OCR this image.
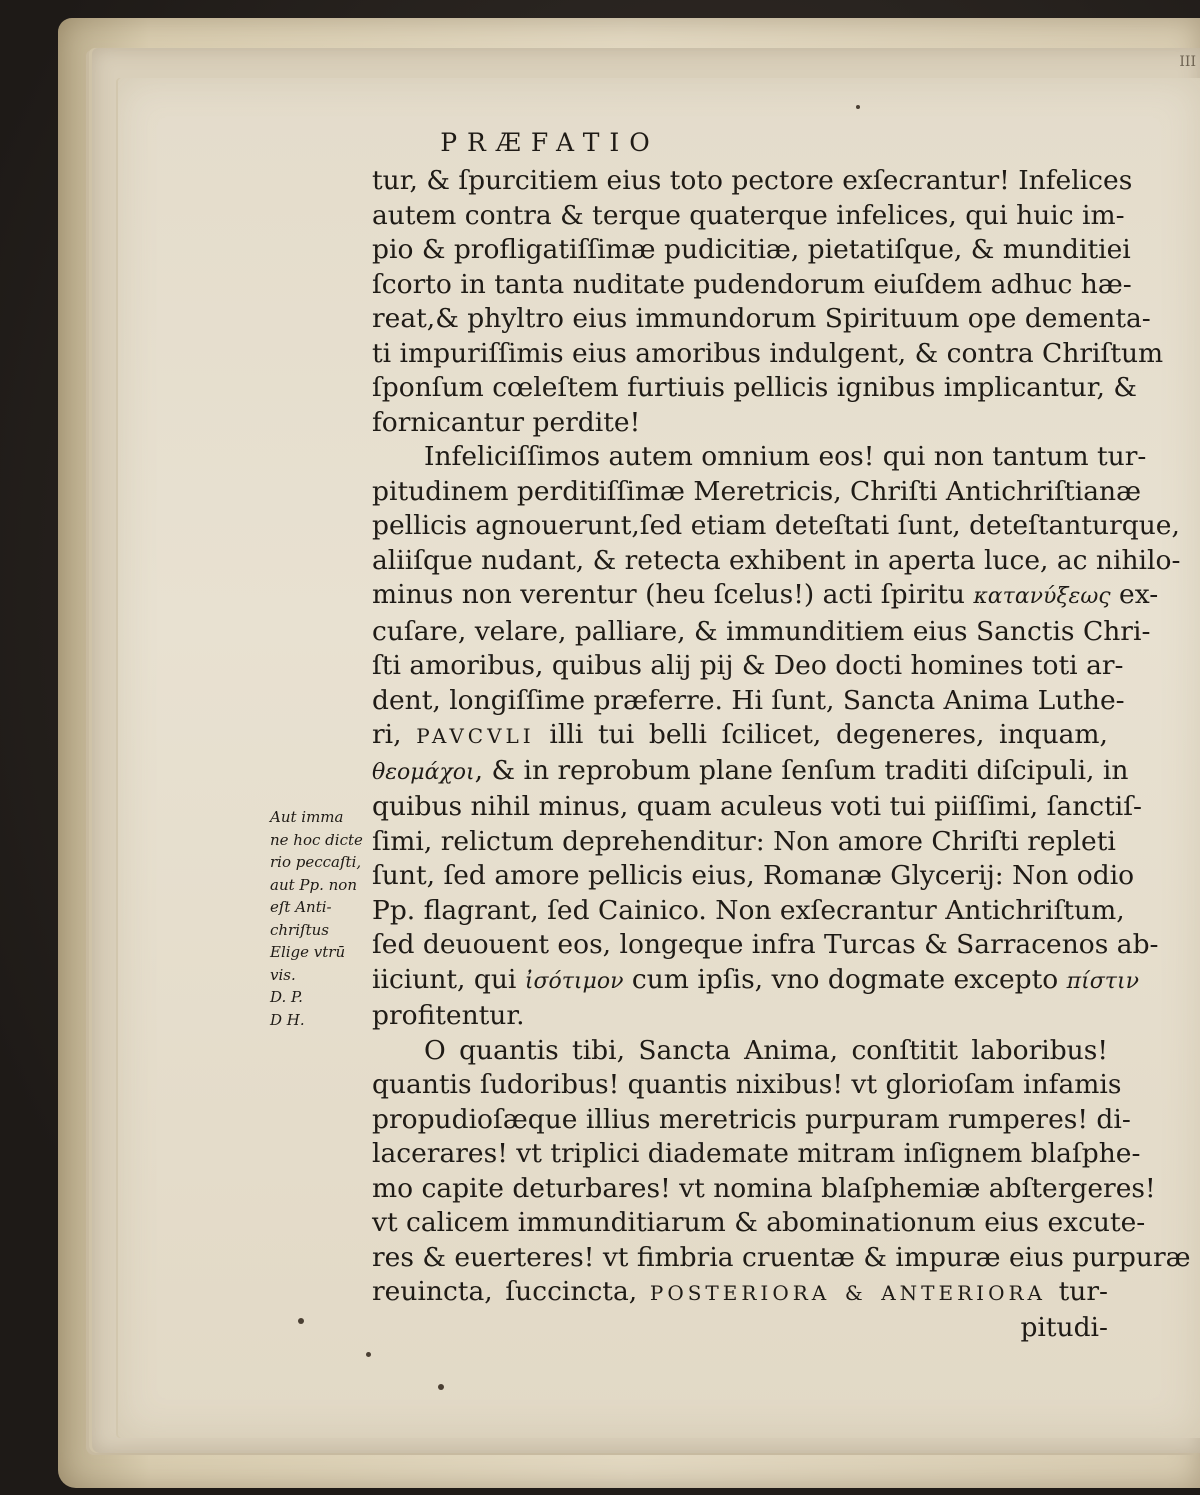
III
PRÆFATIO
tur, & ſpurcitiem eius toto pectore exſecrantur! Infelices
autem contra & terque quaterque infelices, qui huic im-
pio & profligatiſſimæ pudicitiæ, pietatiſque, & munditiei
ſcorto in tanta nuditate pudendorum eiuſdem adhuc hæ-
reat,& phyltro eius immundorum Spirituum ope dementa-
ti impuriſſimis eius amoribus indulgent, & contra Chriſtum
ſponſum cœleſtem furtiuis pellicis ignibus implicantur, &
fornicantur perdite!
Infeliciſſimos autem omnium eos! qui non tantum tur-
pitudinem perditiſſimæ Meretricis, Chriſti Antichriſtianæ
pellicis agnouerunt,ſed etiam deteſtati ſunt, deteſtanturque,
aliiſque nudant, & retecta exhibent in aperta luce, ac nihilo-
minus non verentur (heu ſcelus!) acti ſpiritu κατανύξεως ex-
cuſare, velare, palliare, & immunditiem eius Sanctis Chri-
ſti amoribus, quibus alij pij & Deo docti homines toti ar-
dent, longiſſime præferre. Hi ſunt, Sancta Anima Luthe-
ri, PAVCVLI illi tui belli ſcilicet, degeneres, inquam,
θεομάχοι, & in reprobum plane ſenſum traditi diſcipuli, in
quibus nihil minus, quam aculeus voti tui piiſſimi, ſanctiſ-
ſimi, relictum deprehenditur: Non amore Chriſti repleti
ſunt, ſed amore pellicis eius, Romanæ Glycerij: Non odio
Pp. flagrant, ſed Cainico. Non exſecrantur Antichriſtum,
ſed deuouent eos, longeque infra Turcas & Sarracenos ab-
iiciunt, qui ἰσότιμον cum ipſis, vno dogmate excepto πίστιν
profitentur.
O quantis tibi, Sancta Anima, conſtitit laboribus!
quantis ſudoribus! quantis nixibus! vt glorioſam infamis
propudioſæque illius meretricis purpuram rumperes! di-
lacerares! vt triplici diademate mitram inſignem blaſphe-
mo capite deturbares! vt nomina blaſphemiæ abſtergeres!
vt calicem immunditiarum & abominationum eius excute-
res & euerteres! vt fimbria cruentæ & impuræ eius purpuræ
reuincta, ſuccincta, POSTERIORA & ANTERIORA tur-
pitudi-
Aut imma
ne hoc dicte
rio peccaſti,
aut Pp. non
eſt Anti-
chriſtus
Elige vtrū
vis.
D. P.
D H.
